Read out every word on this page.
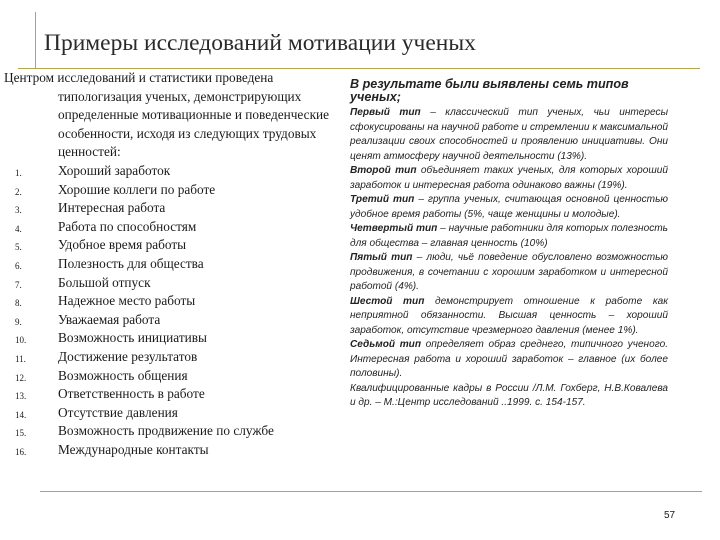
Примеры исследований мотивации ученых

Центром исследований и статистики проведена типологизация ученых, демонстрирующих определенные мотивационные и поведенческие особенности, исходя из следующих трудовых ценностей:

1.	Хороший заработок
2.	Хорошие коллеги по работе
3.	Интересная работа
4.	Работа по способностям
5.	Удобное время работы
6.	Полезность для общества
7.	Большой отпуск
8.	Надежное место работы
9.	Уважаемая работа
10. Возможность инициативы
11. Достижение результатов
12. Возможность общения
13. Ответственность в работе
14. Отсутствие давления
15. Возможность продвижение по службе
16. Международные контакты

В результате были выявлены семь типов ученых;

Первый тип – классический тип ученых, чьи интересы сфокусированы на научной работе и стремлении к максимальной реализации своих способностей и проявлению инициативы. Они ценят атмосферу научной деятельности (13%).

Второй тип объединяет таких ученых, для которых хороший заработок и интересная работа одинаково важны (19%).

Третий тип – группа ученых, считающая основной ценностью удобное время работы (5%, чаще женщины и молодые).

Четвертый тип – научные работники для которых полезность для общества – главная ценность (10%)

Пятый тип – люди, чьё поведение обусловлено возможностью продвижения, в сочетании с хорошим заработком и интересной работой (4%).

Шестой тип демонстрирует отношение к работе как неприятной обязанности. Высшая ценность – хороший заработок, отсутствие чрезмерного давления (менее 1%).

Седьмой тип определяет образ среднего, типичного ученого. Интересная работа и хороший заработок – главное (их более половины).

Квалифицированные кадры в России /Л.М. Гохберг, Н.В.Ковалева и др. – М.:Центр исследований ..1999. с. 154-157.

57
